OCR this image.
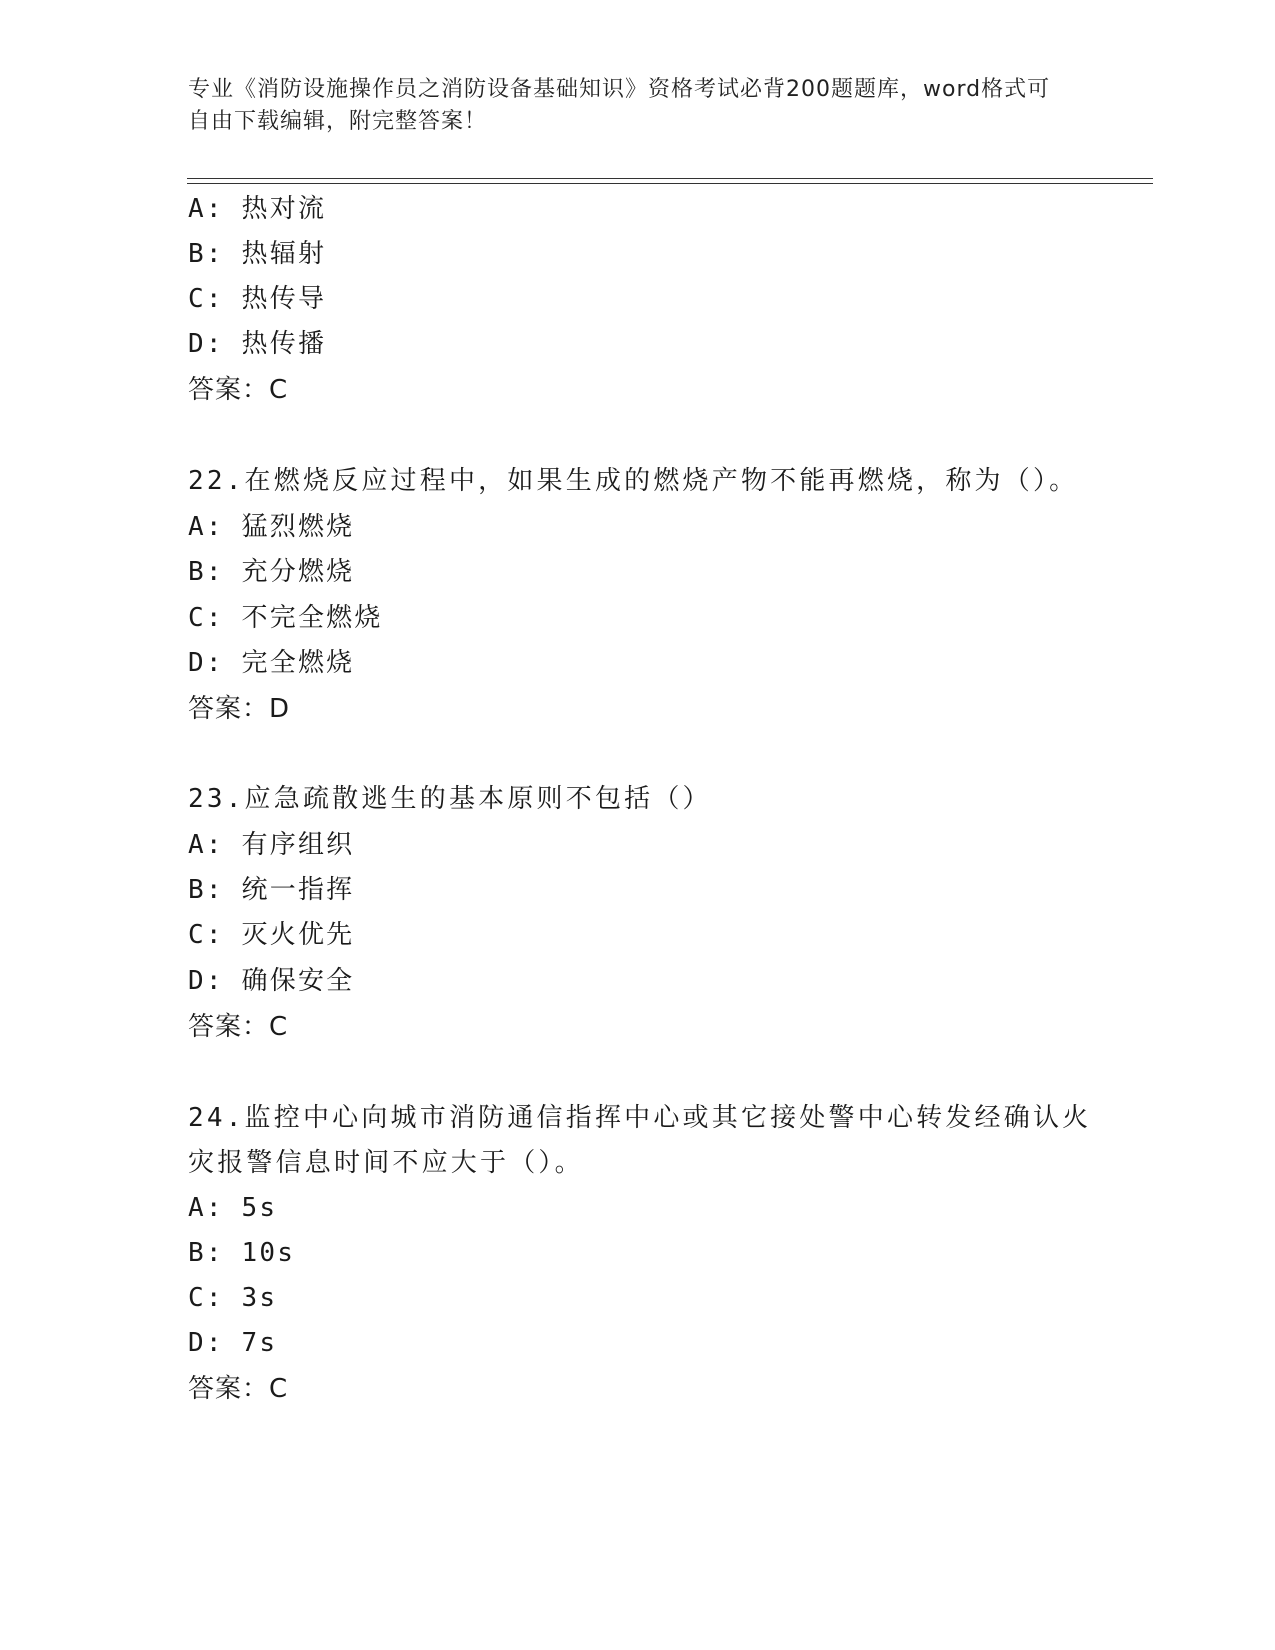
专业《消防设施操作员之消防设备基础知识》资格考试必背200题题库，word格式可自由下载编辑，附完整答案！
A: 热对流
B: 热辐射
C: 热传导
D: 热传播
答案：C
22.在燃烧反应过程中，如果生成的燃烧产物不能再燃烧，称为（）。
A: 猛烈燃烧
B: 充分燃烧
C: 不完全燃烧
D: 完全燃烧
答案：D
23.应急疏散逃生的基本原则不包括（）
A: 有序组织
B: 统一指挥
C: 灭火优先
D: 确保安全
答案：C
24.监控中心向城市消防通信指挥中心或其它接处警中心转发经确认火
灾报警信息时间不应大于（）。
A: 5s
B: 10s
C: 3s
D: 7s
答案：C
